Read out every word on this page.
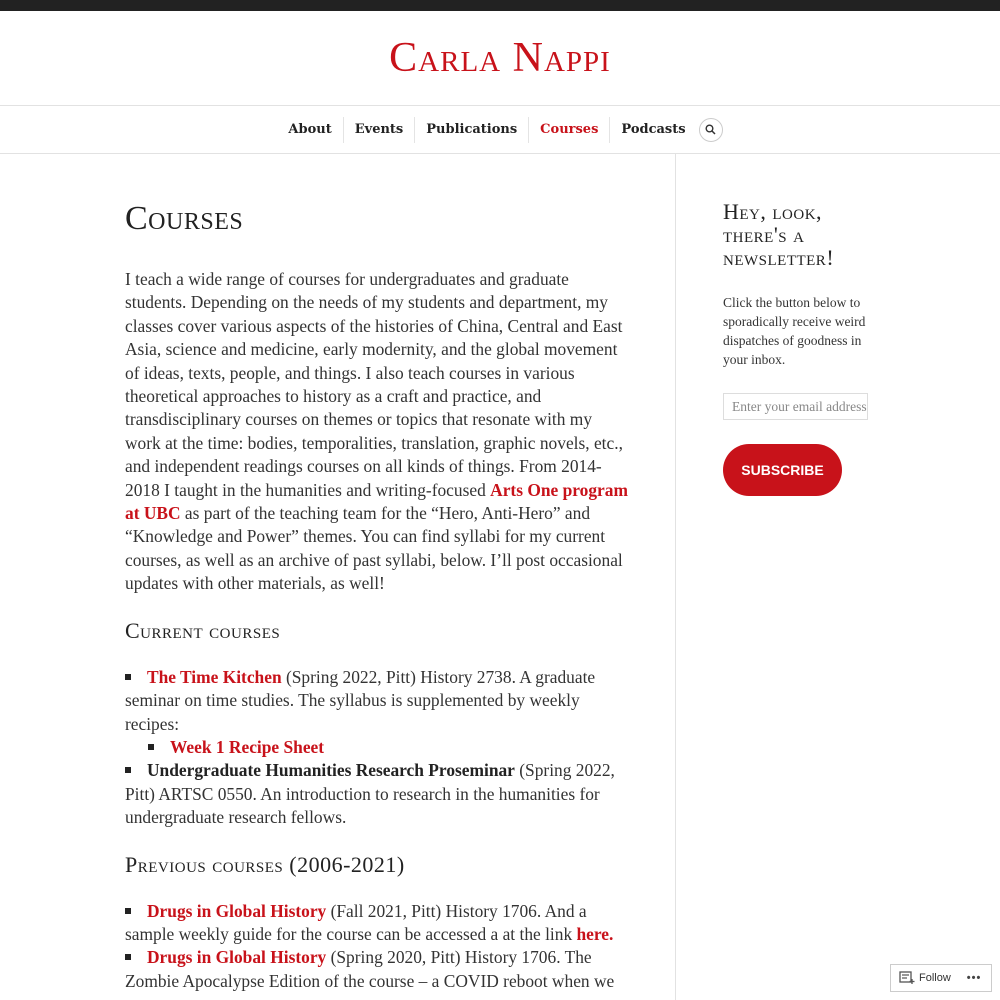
Carla Nappi
About	Events	Publications	Courses	Podcasts
Courses

I teach a wide range of courses for undergraduates and graduate students. Depending on the needs of my students and department, my classes cover various aspects of the histories of China, Central and East Asia, science and medicine, early modernity, and the global movement of ideas, texts, people, and things. I also teach courses in various theoretical approaches to history as a craft and practice, and transdisciplinary courses on themes or topics that resonate with my work at the time: bodies, temporalities, translation, graphic novels, etc., and independent readings courses on all kinds of things. From 2014-2018 I taught in the humanities and writing-focused Arts One program at UBC as part of the teaching team for the “Hero, Anti-Hero” and “Knowledge and Power” themes. You can find syllabi for my current courses, as well as an archive of past syllabi, below. I’ll post occasional updates with other materials, as well!

Current courses
The Time Kitchen (Spring 2022, Pitt) History 2738. A graduate seminar on time studies. The syllabus is supplemented by weekly recipes:
Week 1 Recipe Sheet
Undergraduate Humanities Research Proseminar (Spring 2022, Pitt) ARTSC 0550. An introduction to research in the humanities for undergraduate research fellows.
Previous courses (2006-2021)
Drugs in Global History (Fall 2021, Pitt) History 1706. And a sample weekly guide for the course can be accessed a at the link here.
Drugs in Global History (Spring 2020, Pitt) History 1706. The Zombie Apocalypse Edition of the course – a COVID reboot when we
Hey, look, there's a newsletter!

Click the button below to sporadically receive weird dispatches of goodness in your inbox.

Enter your email address
SUBSCRIBE
Follow •••
